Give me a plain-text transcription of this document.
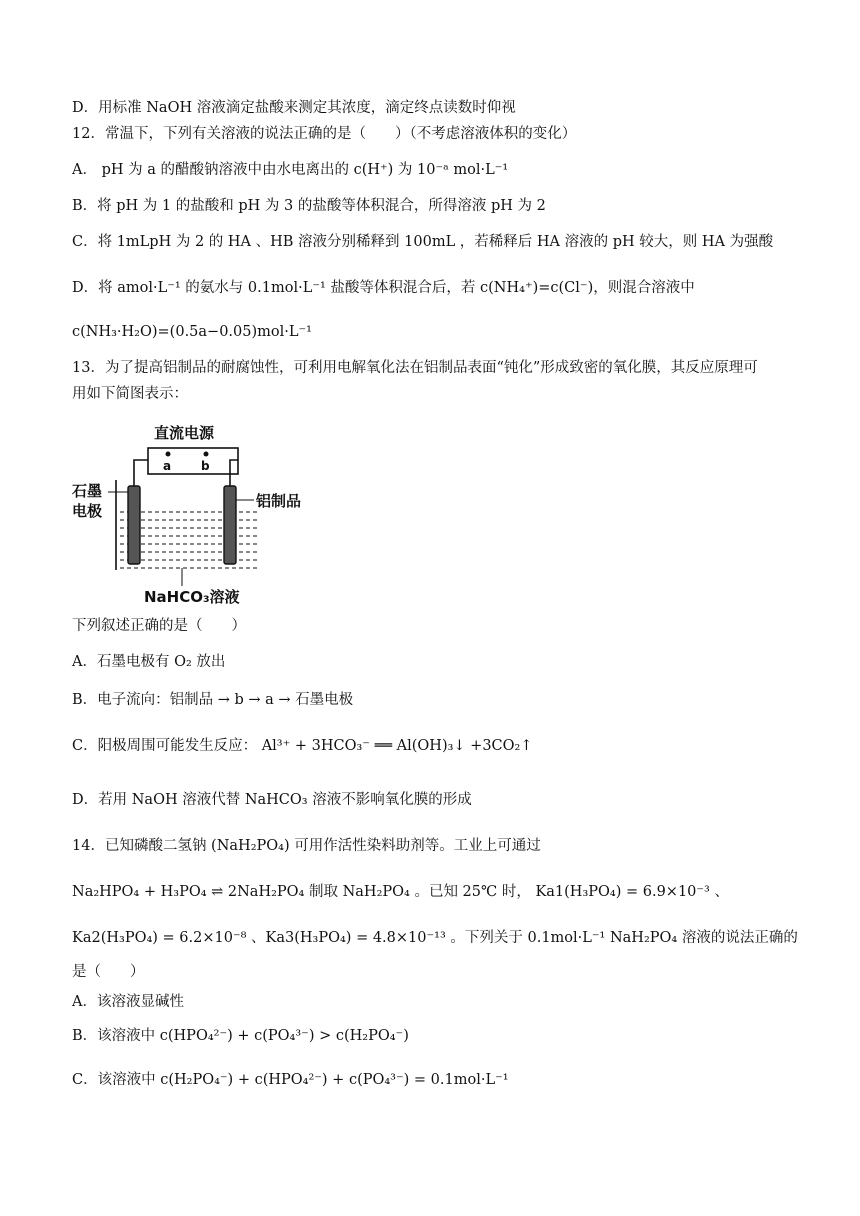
D．用标准 NaOH 溶液滴定盐酸来测定其浓度，滴定终点读数时仰视
12．常温下，下列有关溶液的说法正确的是（　　）（不考虑溶液体积的变化）
A． pH 为 a 的醋酸钠溶液中由水电离出的 c(H⁺) 为 10⁻ᵃ mol·L⁻¹
B．将 pH 为 1 的盐酸和 pH 为 3 的盐酸等体积混合，所得溶液 pH 为 2
C．将 1mLpH 为 2 的 HA 、HB 溶液分别稀释到 100mL ，若稀释后 HA 溶液的 pH 较大，则 HA 为强酸
D．将 amol·L⁻¹ 的氨水与 0.1mol·L⁻¹ 盐酸等体积混合后，若 c(NH₄⁺)=c(Cl⁻)，则混合溶液中
c(NH₃·H₂O)=(0.5a−0.05)mol·L⁻¹
13．为了提高铝制品的耐腐蚀性，可利用电解氧化法在铝制品表面“钝化”形成致密的氧化膜，其反应原理可
用如下简图表示：
直流电源
a b
石墨
电极
铝制品
NaHCO₃溶液
下列叙述正确的是（　　）
A．石墨电极有 O₂ 放出
B．电子流向：铝制品 → b → a → 石墨电极
C．阳极周围可能发生反应： Al³⁺ + 3HCO₃⁻ ══ Al(OH)₃↓ +3CO₂↑
D．若用 NaOH 溶液代替 NaHCO₃ 溶液不影响氧化膜的形成
14．已知磷酸二氢钠 (NaH₂PO₄) 可用作活性染料助剂等。工业上可通过
Na₂HPO₄ + H₃PO₄ ⇌ 2NaH₂PO₄ 制取 NaH₂PO₄ 。已知 25℃ 时， Ka1(H₃PO₄) = 6.9×10⁻³ 、
Ka2(H₃PO₄) = 6.2×10⁻⁸ 、Ka3(H₃PO₄) = 4.8×10⁻¹³ 。下列关于 0.1mol·L⁻¹ NaH₂PO₄ 溶液的说法正确的
是（　　）
A．该溶液显碱性
B．该溶液中 c(HPO₄²⁻) + c(PO₄³⁻) > c(H₂PO₄⁻)
C．该溶液中 c(H₂PO₄⁻) + c(HPO₄²⁻) + c(PO₄³⁻) = 0.1mol·L⁻¹
